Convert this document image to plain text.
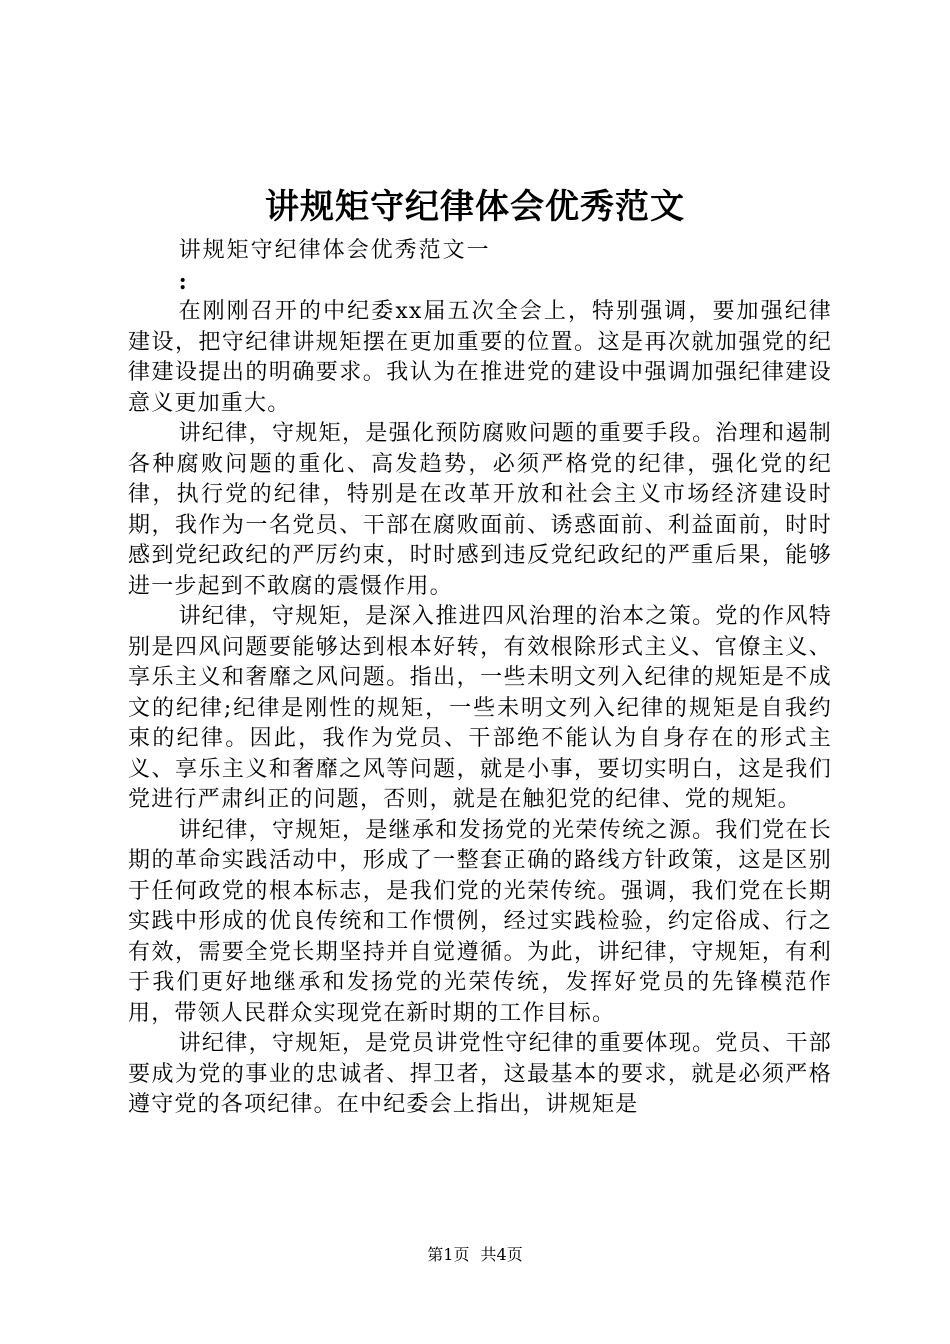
讲规矩守纪律体会优秀范文

讲规矩守纪律体会优秀范文一

:

在刚刚召开的中纪委xx届五次全会上，特别强调，要加强纪律建设，把守纪律讲规矩摆在更加重要的位置。这是再次就加强党的纪律建设提出的明确要求。我认为在推进党的建设中强调加强纪律建设意义更加重大。

讲纪律，守规矩，是强化预防腐败问题的重要手段。治理和遏制各种腐败问题的重化、高发趋势，必须严格党的纪律，强化党的纪律，执行党的纪律，特别是在改革开放和社会主义市场经济建设时期，我作为一名党员、干部在腐败面前、诱惑面前、利益面前，时时感到党纪政纪的严厉约束，时时感到违反党纪政纪的严重后果，能够进一步起到不敢腐的震慑作用。

讲纪律，守规矩，是深入推进四风治理的治本之策。党的作风特别是四风问题要能够达到根本好转，有效根除形式主义、官僚主义、享乐主义和奢靡之风问题。指出，一些未明文列入纪律的规矩是不成文的纪律;纪律是刚性的规矩，一些未明文列入纪律的规矩是自我约束的纪律。因此，我作为党员、干部绝不能认为自身存在的形式主义、享乐主义和奢靡之风等问题，就是小事，要切实明白，这是我们党进行严肃纠正的问题，否则，就是在触犯党的纪律、党的规矩。

讲纪律，守规矩，是继承和发扬党的光荣传统之源。我们党在长期的革命实践活动中，形成了一整套正确的路线方针政策，这是区别于任何政党的根本标志，是我们党的光荣传统。强调，我们党在长期实践中形成的优良传统和工作惯例，经过实践检验，约定俗成、行之有效，需要全党长期坚持并自觉遵循。为此，讲纪律，守规矩，有利于我们更好地继承和发扬党的光荣传统，发挥好党员的先锋模范作用，带领人民群众实现党在新时期的工作目标。

讲纪律，守规矩，是党员讲党性守纪律的重要体现。党员、干部要成为党的事业的忠诚者、捍卫者，这最基本的要求，就是必须严格遵守党的各项纪律。在中纪委会上指出，讲规矩是

第1页 共4页
